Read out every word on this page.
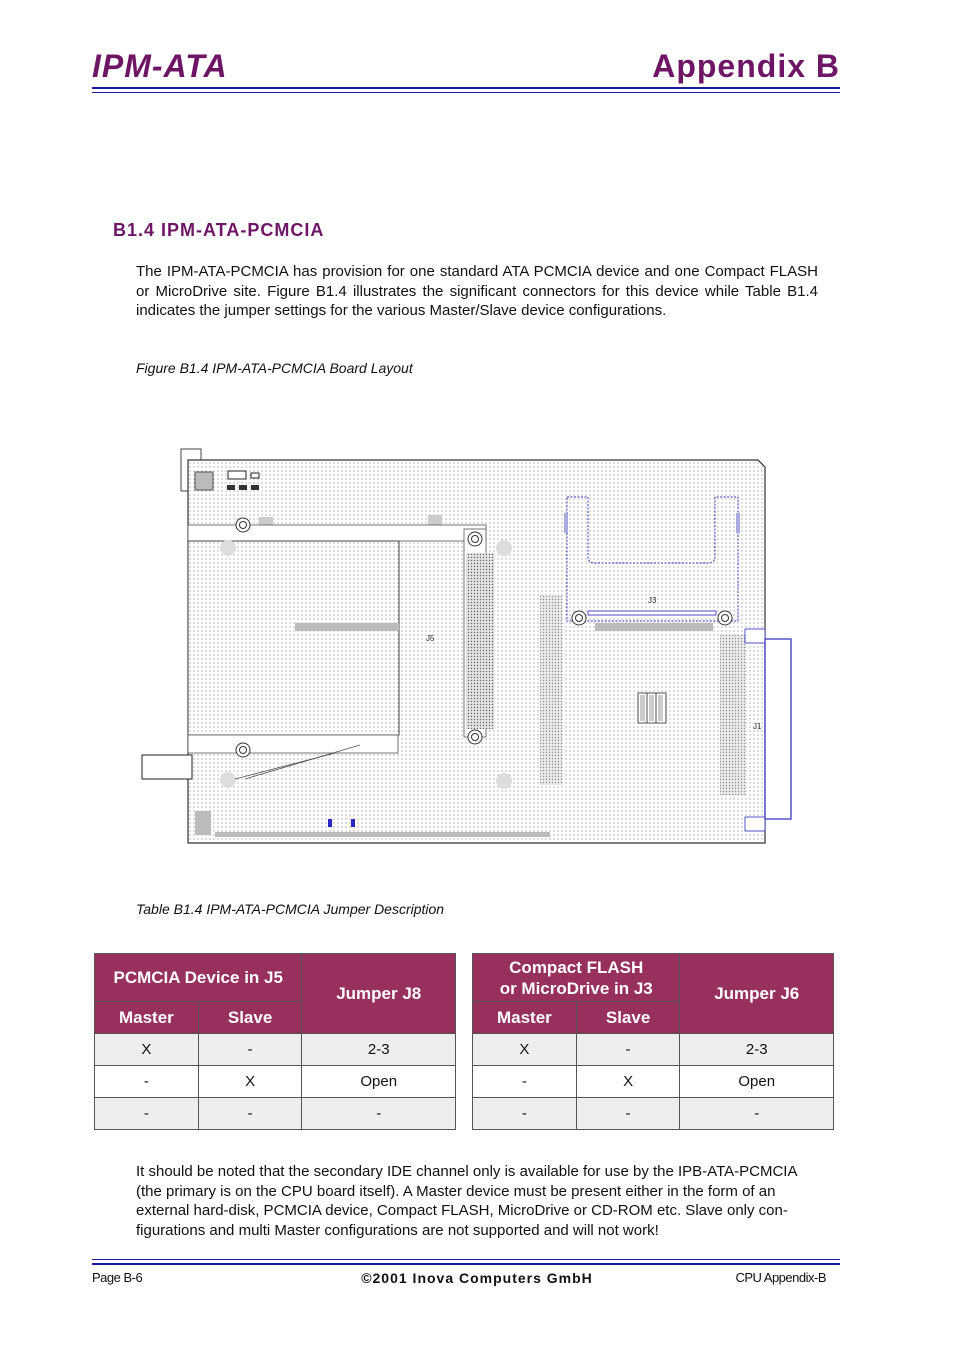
IPM-ATA	Appendix B
B1.4 IPM-ATA-PCMCIA
The IPM-ATA-PCMCIA has provision for one standard ATA PCMCIA device and one Compact FLASH or MicroDrive site. Figure B1.4 illustrates the significant connectors for this device while Table B1.4 indicates the jumper settings for the various Master/Slave device configurations.
Figure B1.4 IPM-ATA-PCMCIA Board Layout
J5
J3
J1
Table B1.4 IPM-ATA-PCMCIA Jumper Description
PCMCIA Device in J5		Jumper J8
Master	Slave	
X	-	2-3
-	X	Open
-	-	-
Compact FLASH
or MicroDrive in J3		Jumper J6
Master	Slave	
X	-	2-3
-	X	Open
-	-	-
It should be noted that the secondary IDE channel only is available for use by the IPB-ATA-PCMCIA (the primary is on the CPU board itself). A Master device must be present either in the form of an external hard-disk, PCMCIA device, Compact FLASH, MicroDrive or CD-ROM etc. Slave only con-figurations and multi Master configurations are not supported and will not work!
Page B-6	©2001 Inova Computers GmbH	CPU Appendix-B
